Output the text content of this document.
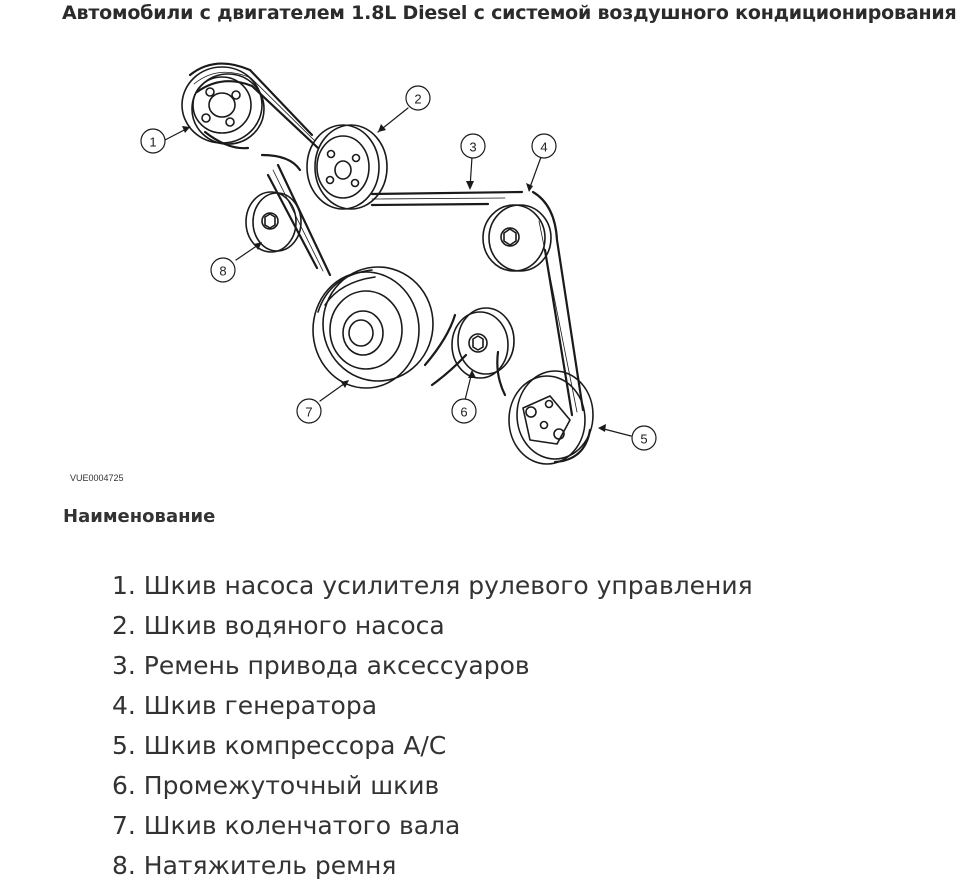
Автомобили с двигателем 1.8L Diesel с системой воздушного кондиционирования
1
2
3	4
5
6
7
8
VUE0004725
Наименование
1. Шкив насоса усилителя рулевого управления
2. Шкив водяного насоса
3. Ремень привода аксессуаров
4. Шкив генератора
5. Шкив компрессора A/C
6. Промежуточный шкив
7. Шкив коленчатого вала
8. Натяжитель ремня
